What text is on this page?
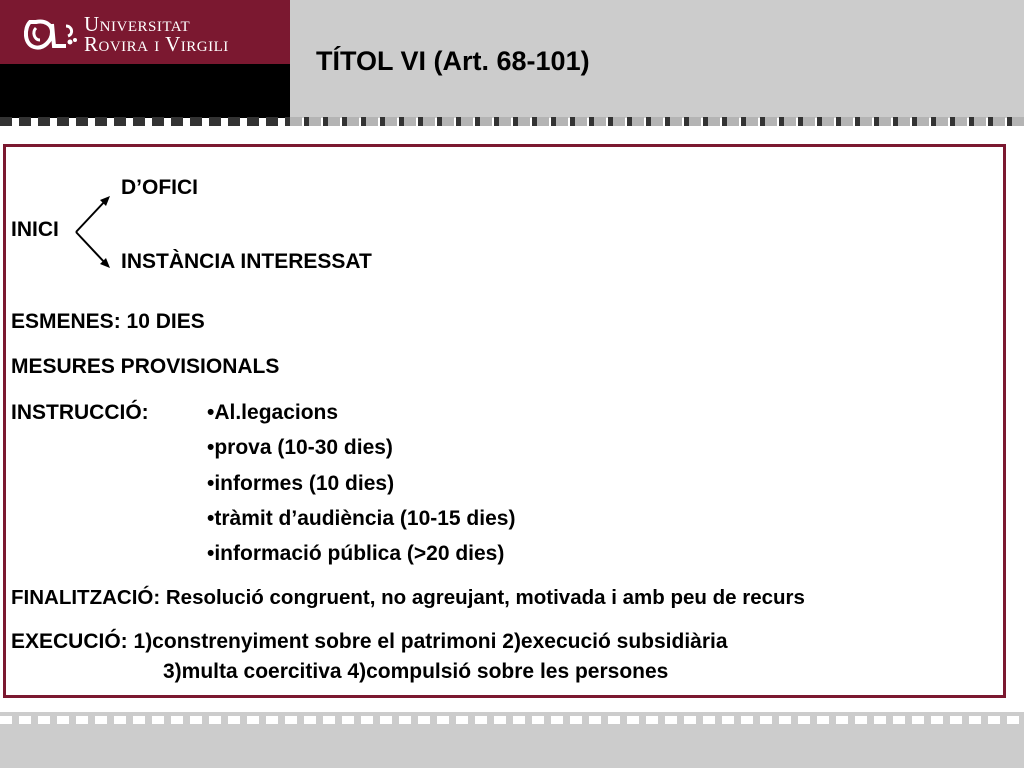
Universitat
Rovira i Virgili
TÍTOL VI (Art. 68-101)
D’OFICI
INICI
INSTÀNCIA INTERESSAT
ESMENES: 10 DIES
MESURES PROVISIONALS
INSTRUCCIÓ:	•Al.legacions
•prova (10-30 dies)
•informes (10 dies)
•tràmit d’audiència (10-15 dies)
•informació pública (>20 dies)
FINALITZACIÓ: Resolució congruent, no agreujant, motivada i amb peu de recurs
EXECUCIÓ: 1)constrenyiment sobre el patrimoni 2)execució subsidiària
3)multa coercitiva 4)compulsió sobre les persones
